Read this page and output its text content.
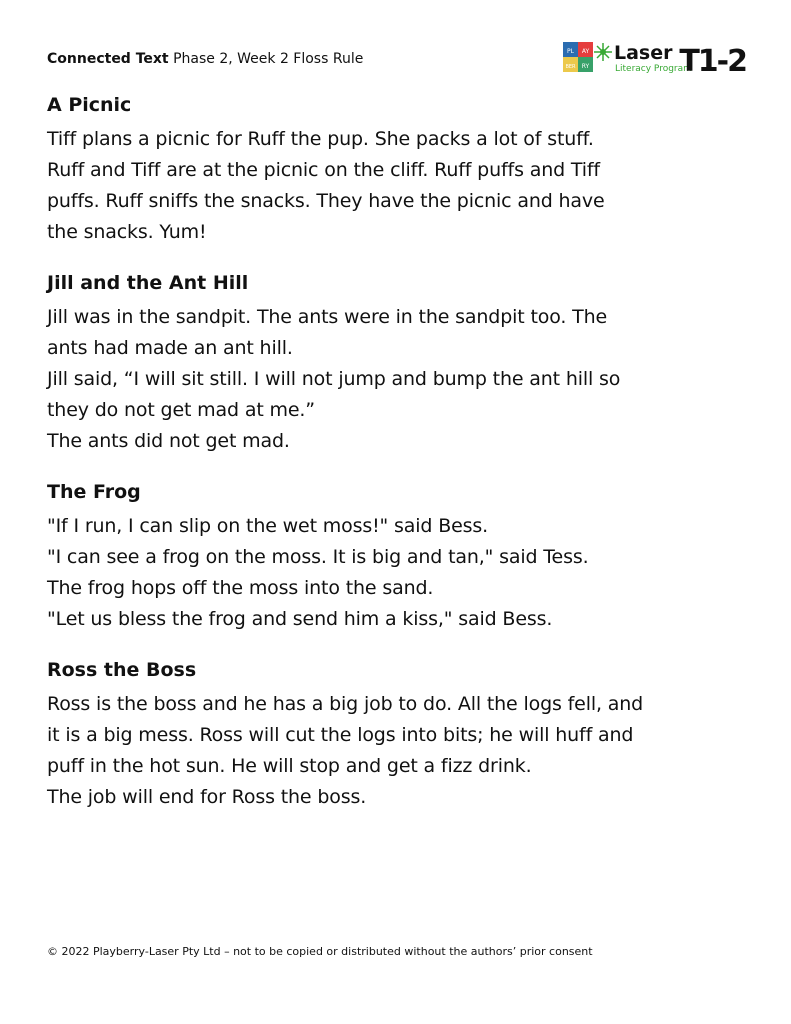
Connected Text Phase 2, Week 2 Floss Rule	PL AY
BER RY
Laser
Literacy Program
T1-2
A Picnic
Tiff plans a picnic for Ruff the pup. She packs a lot of stuff.
Ruff and Tiff are at the picnic on the cliff. Ruff puffs and Tiff
puffs. Ruff sniffs the snacks. They have the picnic and have
the snacks. Yum!
Jill and the Ant Hill
Jill was in the sandpit. The ants were in the sandpit too. The
ants had made an ant hill.
Jill said, “I will sit still. I will not jump and bump the ant hill so
they do not get mad at me.”
The ants did not get mad.
The Frog
"If I run, I can slip on the wet moss!" said Bess.
"I can see a frog on the moss. It is big and tan," said Tess.
The frog hops off the moss into the sand.
"Let us bless the frog and send him a kiss," said Bess.
Ross the Boss
Ross is the boss and he has a big job to do. All the logs fell, and
it is a big mess. Ross will cut the logs into bits; he will huff and
puff in the hot sun. He will stop and get a fizz drink.
The job will end for Ross the boss.
© 2022 Playberry-Laser Pty Ltd – not to be copied or distributed without the authors’ prior consent
